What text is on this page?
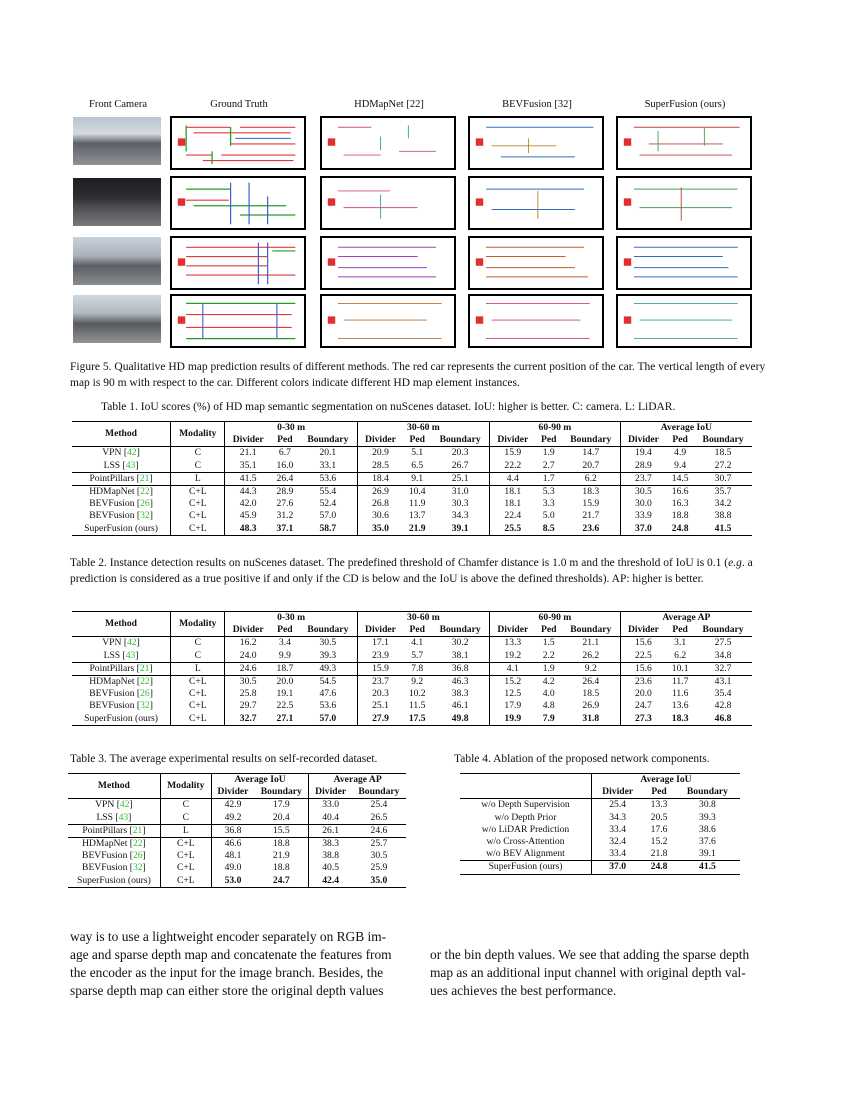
Front Camera	Ground Truth	HDMapNet [22]	BEVFusion [32]	SuperFusion (ours)
Figure 5. Qualitative HD map prediction results of different methods. The red car represents the current position of the car. The vertical length of every map is 90 m with respect to the car. Different colors indicate different HD map element instances.
Table 1. IoU scores (%) of HD map semantic segmentation on nuScenes dataset. IoU: higher is better. C: camera. L: LiDAR.
Method	Modality	0-30 m			30-60 m			60-90 m			Average IoU		
		Divider	Ped	Boundary	Divider	Ped	Boundary	Divider	Ped	Boundary	Divider	Ped	Boundary
VPN [42]	C	21.1	6.7	20.1	20.9	5.1	20.3	15.9	1.9	14.7	19.4	4.9	18.5
LSS [43]	C	35.1	16.0	33.1	28.5	6.5	26.7	22.2	2.7	20.7	28.9	9.4	27.2
PointPillars [21]	L	41.5	26.4	53.6	18.4	9.1	25.1	4.4	1.7	6.2	23.7	14.5	30.7
HDMapNet [22]	C+L	44.3	28.9	55.4	26.9	10.4	31.0	18.1	5.3	18.3	30.5	16.6	35.7
BEVFusion [26]	C+L	42.0	27.6	52.4	26.8	11.9	30.3	18.1	3.3	15.9	30.0	16.3	34.2
BEVFusion [32]	C+L	45.9	31.2	57.0	30.6	13.7	34.3	22.4	5.0	21.7	33.9	18.8	38.8
SuperFusion (ours)	C+L	48.3	37.1	58.7	35.0	21.9	39.1	25.5	8.5	23.6	37.0	24.8	41.5
Table 2. Instance detection results on nuScenes dataset. The predefined threshold of Chamfer distance is 1.0 m and the threshold of IoU is 0.1 (e.g. a prediction is considered as a true positive if and only if the CD is below and the IoU is above the defined thresholds). AP: higher is better.
Method	Modality	0-30 m			30-60 m			60-90 m			Average AP		
		Divider	Ped	Boundary	Divider	Ped	Boundary	Divider	Ped	Boundary	Divider	Ped	Boundary
VPN [42]	C	16.2	3.4	30.5	17.1	4.1	30.2	13.3	1.5	21.1	15.6	3.1	27.5
LSS [43]	C	24.0	9.9	39.3	23.9	5.7	38.1	19.2	2.2	26.2	22.5	6.2	34.8
PointPillars [21]	L	24.6	18.7	49.3	15.9	7.8	36.8	4.1	1.9	9.2	15.6	10.1	32.7
HDMapNet [22]	C+L	30.5	20.0	54.5	23.7	9.2	46.3	15.2	4.2	26.4	23.6	11.7	43.1
BEVFusion [26]	C+L	25.8	19.1	47.6	20.3	10.2	38.3	12.5	4.0	18.5	20.0	11.6	35.4
BEVFusion [32]	C+L	29.7	22.5	53.6	25.1	11.5	46.1	17.9	4.8	26.9	24.7	13.6	42.8
SuperFusion (ours)	C+L	32.7	27.1	57.0	27.9	17.5	49.8	19.9	7.9	31.8	27.3	18.3	46.8
Table 3. The average experimental results on self-recorded dataset.
Method	Modality	Average IoU		Average AP	
		Divider	Boundary	Divider	Boundary
VPN [42]	C	42.9	17.9	33.0	25.4
LSS [43]	C	49.2	20.4	40.4	26.5
PointPillars [21]	L	36.8	15.5	26.1	24.6
HDMapNet [22]	C+L	46.6	18.8	38.3	25.7
BEVFusion [26]	C+L	48.1	21.9	38.8	30.5
BEVFusion [32]	C+L	49.0	18.8	40.5	25.9
SuperFusion (ours)	C+L	53.0	24.7	42.4	35.0
Table 4. Ablation of the proposed network components.
	Average IoU		
	Divider	Ped	Boundary
w/o Depth Supervision	25.4	13.3	30.8
w/o Depth Prior	34.3	20.5	39.3
w/o LiDAR Prediction	33.4	17.6	38.6
w/o Cross-Attention	32.4	15.2	37.6
w/o BEV Alignment	33.4	21.8	39.1
SuperFusion (ours)	37.0	24.8	41.5
way is to use a lightweight encoder separately on RGB im-
age and sparse depth map and concatenate the features from
the encoder as the input for the image branch. Besides, the
sparse depth map can either store the original depth values
or the bin depth values. We see that adding the sparse depth
map as an additional input channel with original depth val-
ues achieves the best performance.
